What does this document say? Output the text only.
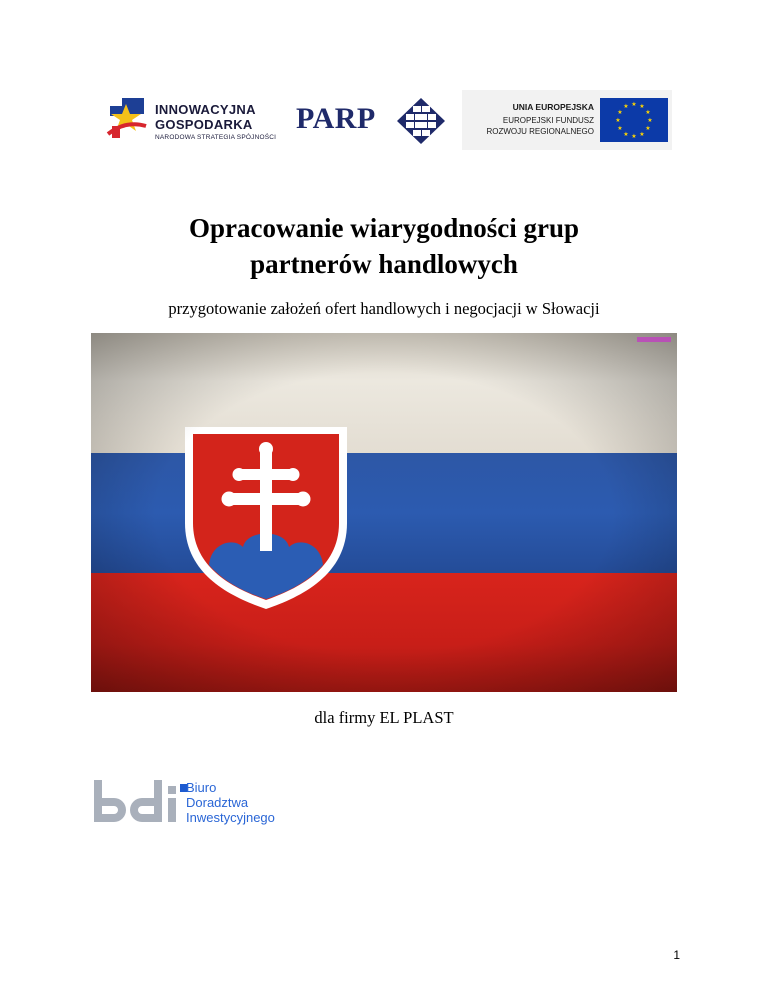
INNOWACYJNA
GOSPODARKA
NARODOWA STRATEGIA SPÓJNOŚCI
PARP	UNIA EUROPEJSKA
EUROPEJSKI FUNDUSZ
ROZWOJU REGIONALNEGO
★ ★
★
★
★
★
★
★
★
★
★
★
Opracowanie wiarygodności grup
partnerów handlowych
przygotowanie założeń ofert handlowych i negocjacji w Słowacji
dla firmy EL PLAST
Biuro
Doradztwa
Inwestycyjnego
1
